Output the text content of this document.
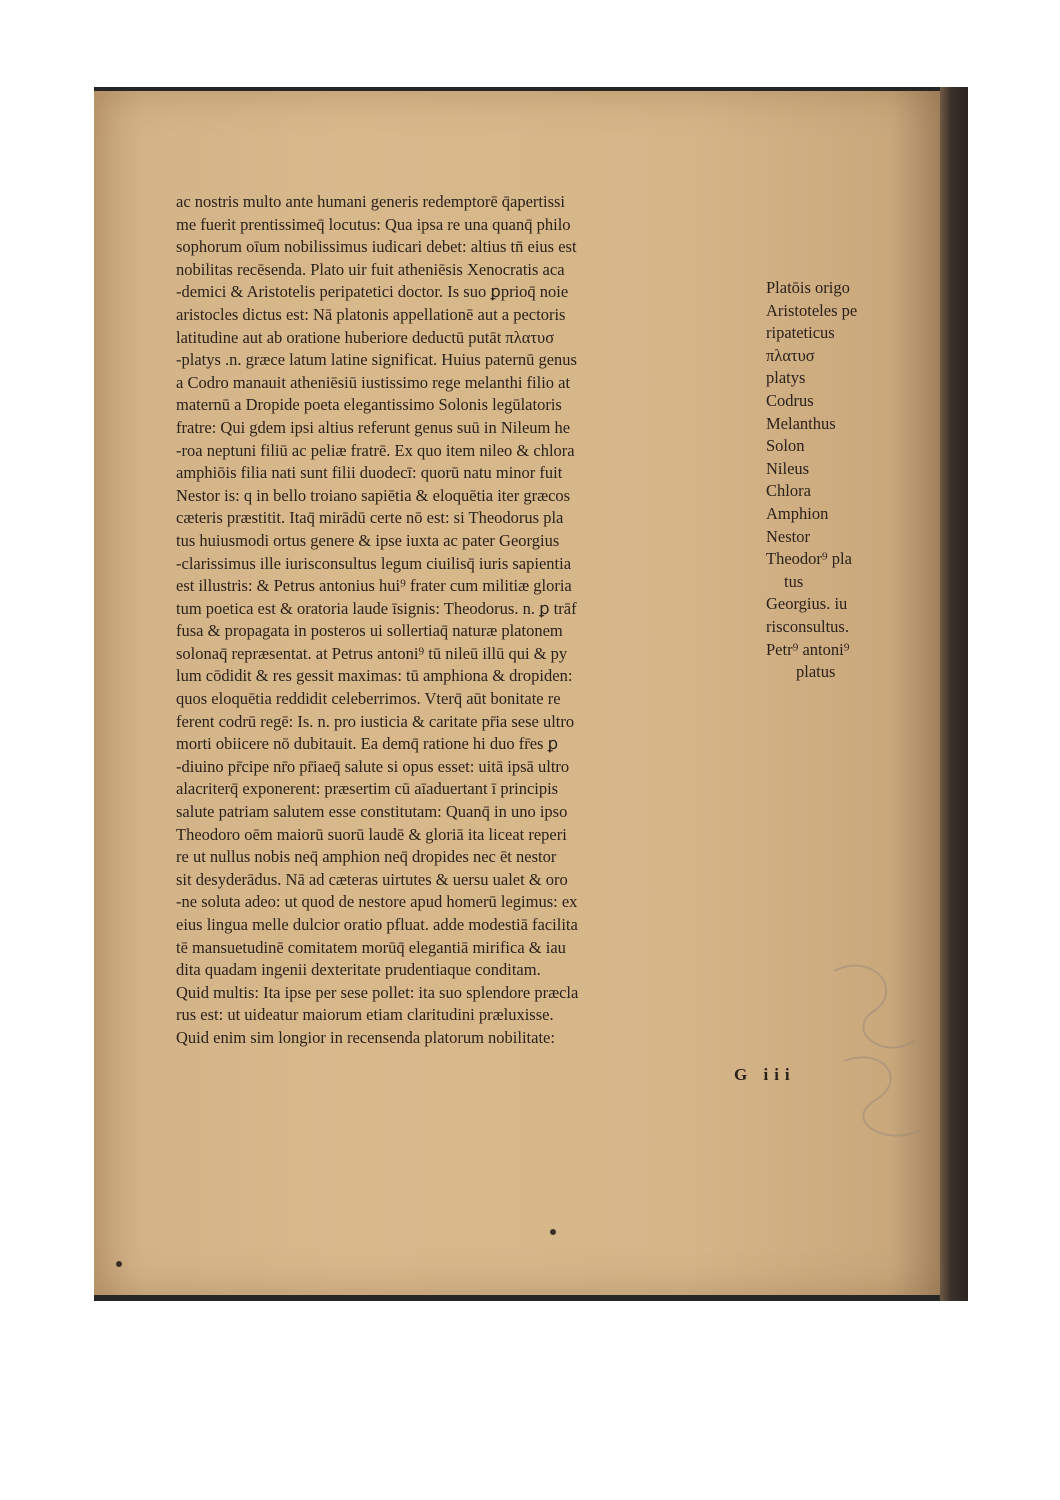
ac nostris multo ante humani generis redemptorē q̄apertissi
me fuerit prentissimeq̄ locutus: Qua ipsa re una quanq̄ philo
sophorum oīum nobilissimus iudicari debet: altius tn̄ eius est
nobilitas recēsenda. Plato uir fuit atheniēsis Xenocratis aca
-demici & Aristotelis peripatetici doctor. Is suo ꝑprioq̄ noie
aristocles dictus est: Nā platonis appellationē aut a pectoris
latitudine aut ab oratione huberiore deductū putāt πλατυσ
-platys .n. græce latum latine significat. Huius paternū genus
a Codro manauit atheniēsiū iustissimo rege melanthi filio at
maternū a Dropide poeta elegantissimo Solonis legūlatoris
fratre: Qui gdem ipsi altius referunt genus suū in Nileum he
-roa neptuni filiū ac peliæ fratrē. Ex quo item nileo & chlora
amphiōis filia nati sunt filii duodecī: quorū natu minor fuit
Nestor is: q in bello troiano sapiētia & eloquētia iter græcos
cæteris præstitit. Itaq̄ mirādū certe nō est: si Theodorus pla
tus huiusmodi ortus genere & ipse iuxta ac pater Georgius
-clarissimus ille iurisconsultus legum ciuilisq̄ iuris sapientia
est illustris: & Petrus antonius hui⁹ frater cum militiæ gloria
tum poetica est & oratoria laude īsignis: Theodorus. n. ꝑ trāf
fusa & propagata in posteros ui sollertiaq̄ naturæ platonem
solonaq̄ repræsentat. at Petrus antoni⁹ tū nileū illū qui & py
lum cōdidit & res gessit maximas: tū amphiona & dropiden:
quos eloquētia reddidit celeberrimos. Vterq̄ aūt bonitate re
ferent codrū regē: Is. n. pro iusticia & caritate pr̄ia sese ultro
morti obiicere nō dubitauit. Ea demq̄ ratione hi duo fr̄es ꝑ
-diuino pr̄cipe nr̄o pr̄iaeq̄ salute si opus esset: uitā ipsā ultro
alacriterq̄ exponerent: præsertim cū aīaduertant ī principis
salute patriam salutem esse constitutam: Quanq̄ in uno ipso
Theodoro oēm maiorū suorū laudē & gloriā ita liceat reperi
re ut nullus nobis neq̄ amphion neq̄ dropides nec ēt nestor
sit desyderādus. Nā ad cæteras uirtutes & uersu ualet & oro
-ne soluta adeo: ut quod de nestore apud homerū legimus: ex
eius lingua melle dulcior oratio pfluat. adde modestiā facilita
tē mansuetudinē comitatem morūq̄ elegantiā mirifica & iau
dita quadam ingenii dexteritate prudentiaque conditam.
Quid multis: Ita ipse per sese pollet: ita suo splendore præcla
rus est: ut uideatur maiorum etiam claritudini præluxisse.
Quid enim sim longior in recensenda platorum nobilitate:
Platōis origo
Aristoteles pe
ripateticus
πλατυσ
platys
Codrus
Melanthus
Solon
Nileus
Chlora
Amphion
Nestor
Theodor⁹ pla
tus
Georgius. iu
risconsultus.
Petr⁹ antoni⁹
platus
G iii
